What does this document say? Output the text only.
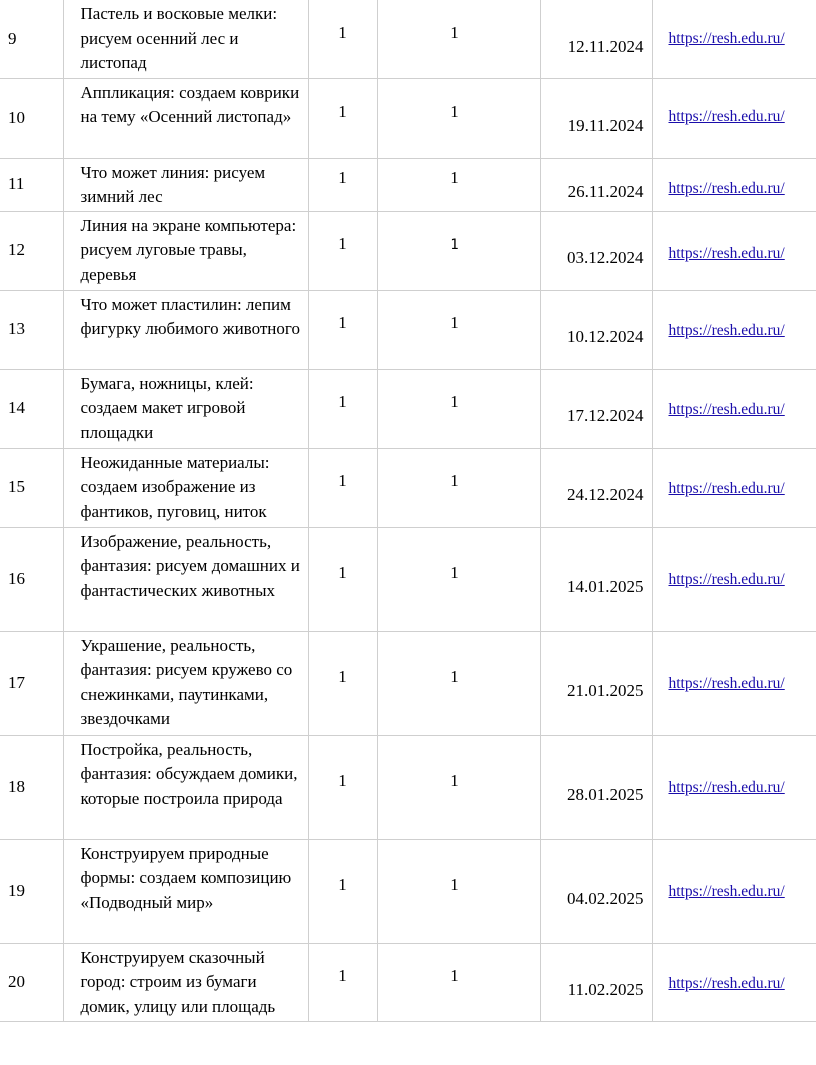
9	Пастель и восковые мелки: рисуем осенний лес и листопад	1	1	12.11.2024	https://resh.edu.ru/
10	Аппликация: создаем коврики на тему «Осенний листопад»	1	1	19.11.2024	https://resh.edu.ru/
11	Что может линия: рисуем зимний лес	1	1	26.11.2024	https://resh.edu.ru/
12	Линия на экране компьютера: рисуем луговые травы, деревья	1	$^1$	03.12.2024	https://resh.edu.ru/
13	Что может пластилин: лепим фигурку любимого животного	1	1	10.12.2024	https://resh.edu.ru/
14	Бумага, ножницы, клей: создаем макет игровой площадки	1	1	17.12.2024	https://resh.edu.ru/
15	Неожиданные материалы: создаем изображение из фантиков, пуговиц, ниток	1	1	24.12.2024	https://resh.edu.ru/
16	Изображение, реальность, фантазия: рисуем домашних и фантастических животных	1	1	14.01.2025	https://resh.edu.ru/
17	Украшение, реальность, фантазия: рисуем кружево со снежинками, паутинками, звездочками	1	1	21.01.2025	https://resh.edu.ru/
18	Постройка, реальность, фантазия: обсуждаем домики, которые построила природа	1	1	28.01.2025	https://resh.edu.ru/
19	Конструируем природные формы: создаем композицию «Подводный мир»	1	1	04.02.2025	https://resh.edu.ru/
20	Конструируем сказочный город: строим из бумаги домик, улицу или площадь	1	1	11.02.2025	https://resh.edu.ru/
